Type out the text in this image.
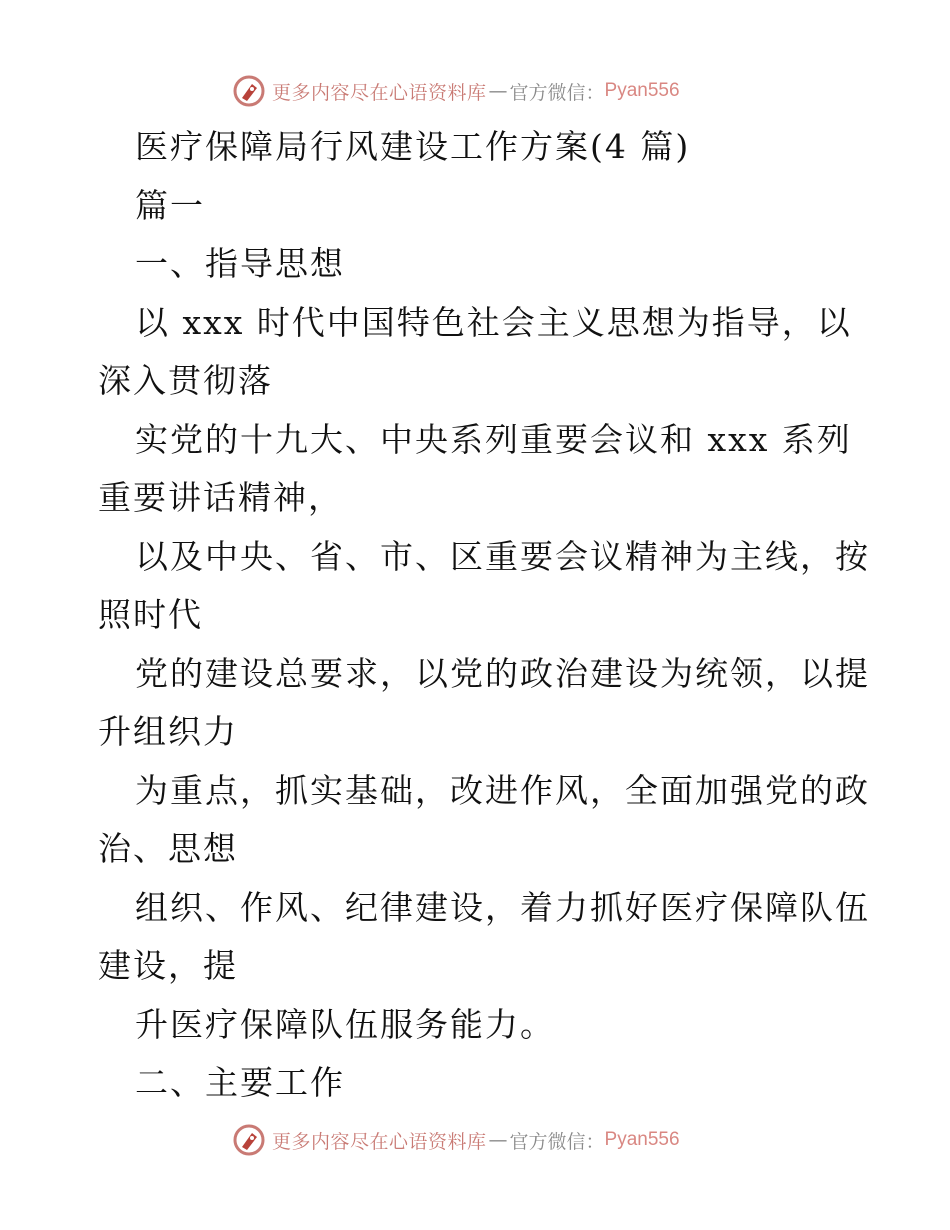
更多内容尽在心语资料库 — 官方微信： Pyan556
医疗保障局行风建设工作方案(4 篇)
篇一
一、指导思想
以 xxx 时代中国特色社会主义思想为指导，以
深入贯彻落
实党的十九大、中央系列重要会议和 xxx 系列
重要讲话精神，
以及中央、省、市、区重要会议精神为主线，按
照时代
党的建设总要求，以党的政治建设为统领，以提
升组织力
为重点，抓实基础，改进作风，全面加强党的政
治、思想
组织、作风、纪律建设，着力抓好医疗保障队伍
建设，提
升医疗保障队伍服务能力。
二、主要工作
更多内容尽在心语资料库 — 官方微信： Pyan556
